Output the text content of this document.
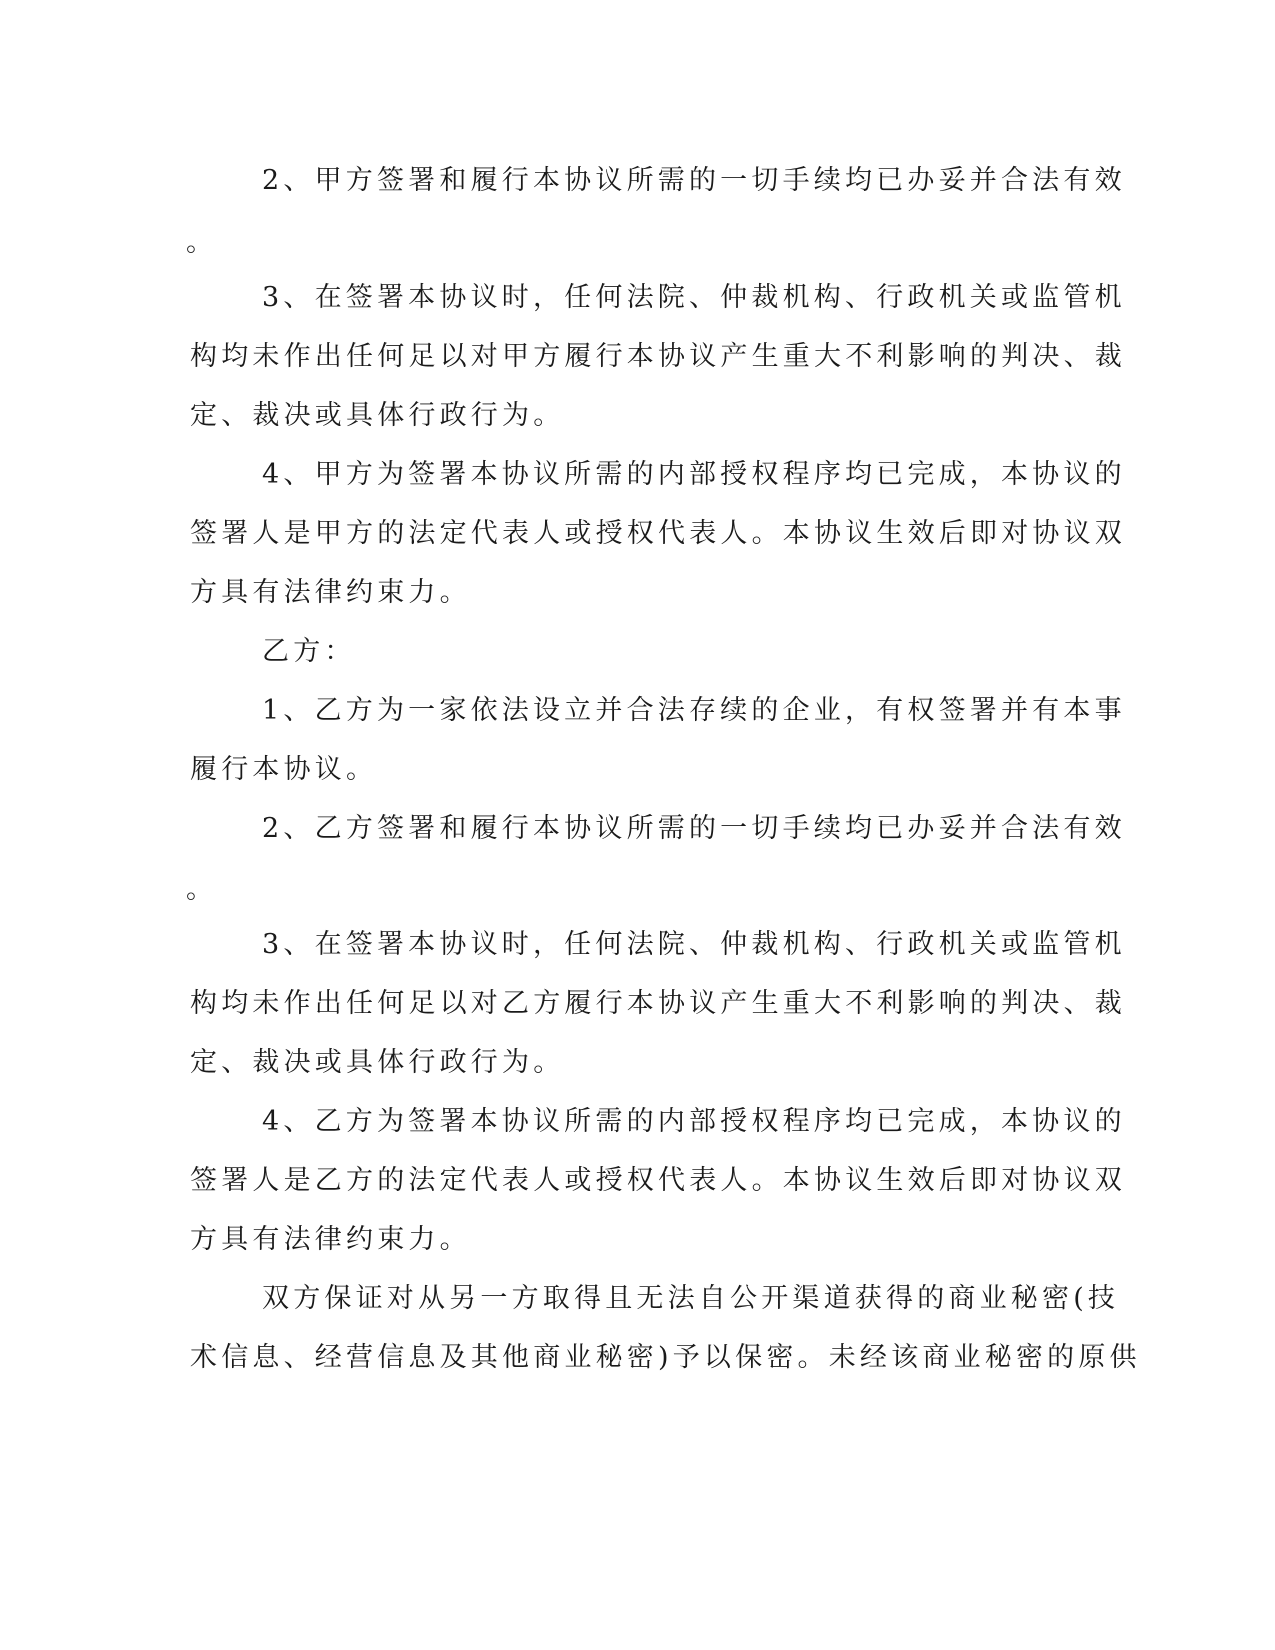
2、甲方签署和履行本协议所需的一切手续均已办妥并合法有效
。
3、在签署本协议时，任何法院、仲裁机构、行政机关或监管机
构均未作出任何足以对甲方履行本协议产生重大不利影响的判决、裁
定、裁决或具体行政行为。
4、甲方为签署本协议所需的内部授权程序均已完成，本协议的
签署人是甲方的法定代表人或授权代表人。本协议生效后即对协议双
方具有法律约束力。
乙方：
1、乙方为一家依法设立并合法存续的企业，有权签署并有本事
履行本协议。
2、乙方签署和履行本协议所需的一切手续均已办妥并合法有效
。
3、在签署本协议时，任何法院、仲裁机构、行政机关或监管机
构均未作出任何足以对乙方履行本协议产生重大不利影响的判决、裁
定、裁决或具体行政行为。
4、乙方为签署本协议所需的内部授权程序均已完成，本协议的
签署人是乙方的法定代表人或授权代表人。本协议生效后即对协议双
方具有法律约束力。
双方保证对从另一方取得且无法自公开渠道获得的商业秘密(技
术信息、经营信息及其他商业秘密)予以保密。未经该商业秘密的原供
